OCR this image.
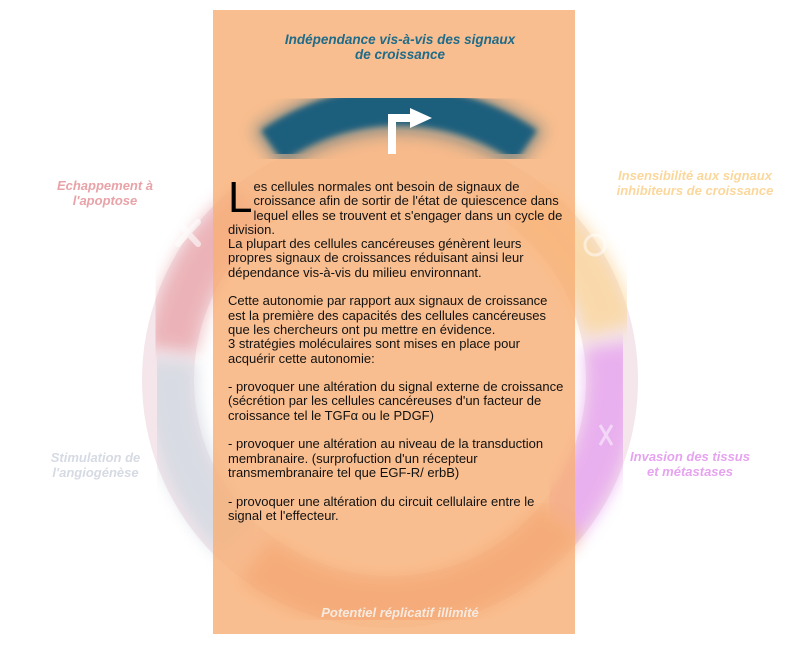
Indépendance vis-à-vis des signaux de croissance
Echappement à l'apoptose
Insensibilité aux signaux inhibiteurs de croissance
Invasion des tissus et métastases
Stimulation de l'angiogénèse
Potentiel réplicatif illimité

Les cellules normales ont besoin de signaux de croissance afin de sortir de l'état de quiescence dans lequel elles se trouvent et s'engager dans un cycle de division.

La plupart des cellules cancéreuses génèrent leurs propres signaux de croissances réduisant ainsi leur dépendance vis-à-vis du milieu environnant.

Cette autonomie par rapport aux signaux de croissance est la première des capacités des cellules cancéreuses que les chercheurs ont pu mettre en évidence.

3 stratégies moléculaires sont mises en place pour acquérir cette autonomie:

- provoquer une altération du signal externe de croissance (sécrétion par les cellules cancéreuses d'un facteur de croissance tel le TGFα ou le PDGF)

- provoquer une altération au niveau de la transduction membranaire. (surprofuction d'un récepteur transmembranaire tel que EGF-R/ erbB)

- provoquer une altération du circuit cellulaire entre le signal et l'effecteur.
